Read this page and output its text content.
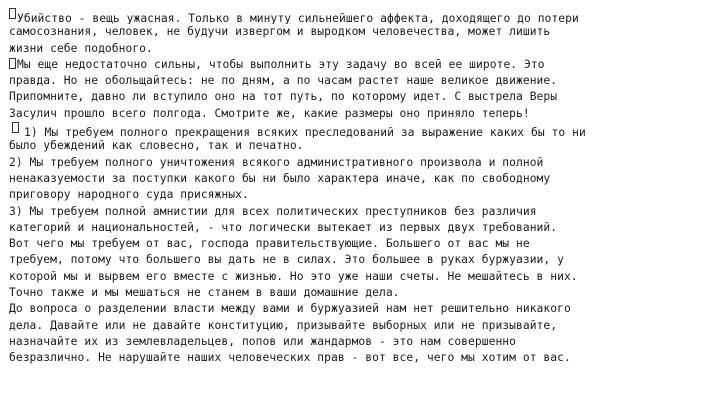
Убийство - вещь ужасная. Только в минуту сильнейшего аффекта, доходящего до потери
самосознания, человек, не будучи извергом и выродком человечества, может лишить
жизни себе подобного.
Мы еще недостаточно сильны, чтобы выполнить эту задачу во всей ее широте. Это
правда. Но не обольщайтесь: не по дням, а по часам растет наше великое движение.
Припомните, давно ли вступило оно на тот путь, по которому идет. С выстрела Веры
Засулич прошло всего полгода. Смотрите же, какие размеры оно приняло теперь!
1) Мы требуем полного прекращения всяких преследований за выражение каких бы то ни
было убеждений как словесно, так и печатно.
2) Мы требуем полного уничтожения всякого административного произвола и полной
ненаказуемости за поступки какого бы ни было характера иначе, как по свободному
приговору народного суда присяжных.
3) Мы требуем полной амнистии для всех политических преступников без различия
категорий и национальностей, - что логически вытекает из первых двух требований.
Вот чего мы требуем от вас, господа правительствующие. Большего от вас мы не
требуем, потому что большего вы дать не в силах. Это большее в руках буржуазии, у
которой мы и вырвем его вместе с жизнью. Но это уже наши счеты. Не мешайтесь в них.
Точно также и мы мешаться не станем в ваши домашние дела.
До вопроса о разделении власти между вами и буржуазией нам нет решительно никакого
дела. Давайте или не давайте конституцию, призывайте выборных или не призывайте,
назначайте их из землевладельцев, попов или жандармов - это нам совершенно
безразлично. Не нарушайте наших человеческих прав - вот все, чего мы хотим от вас.
